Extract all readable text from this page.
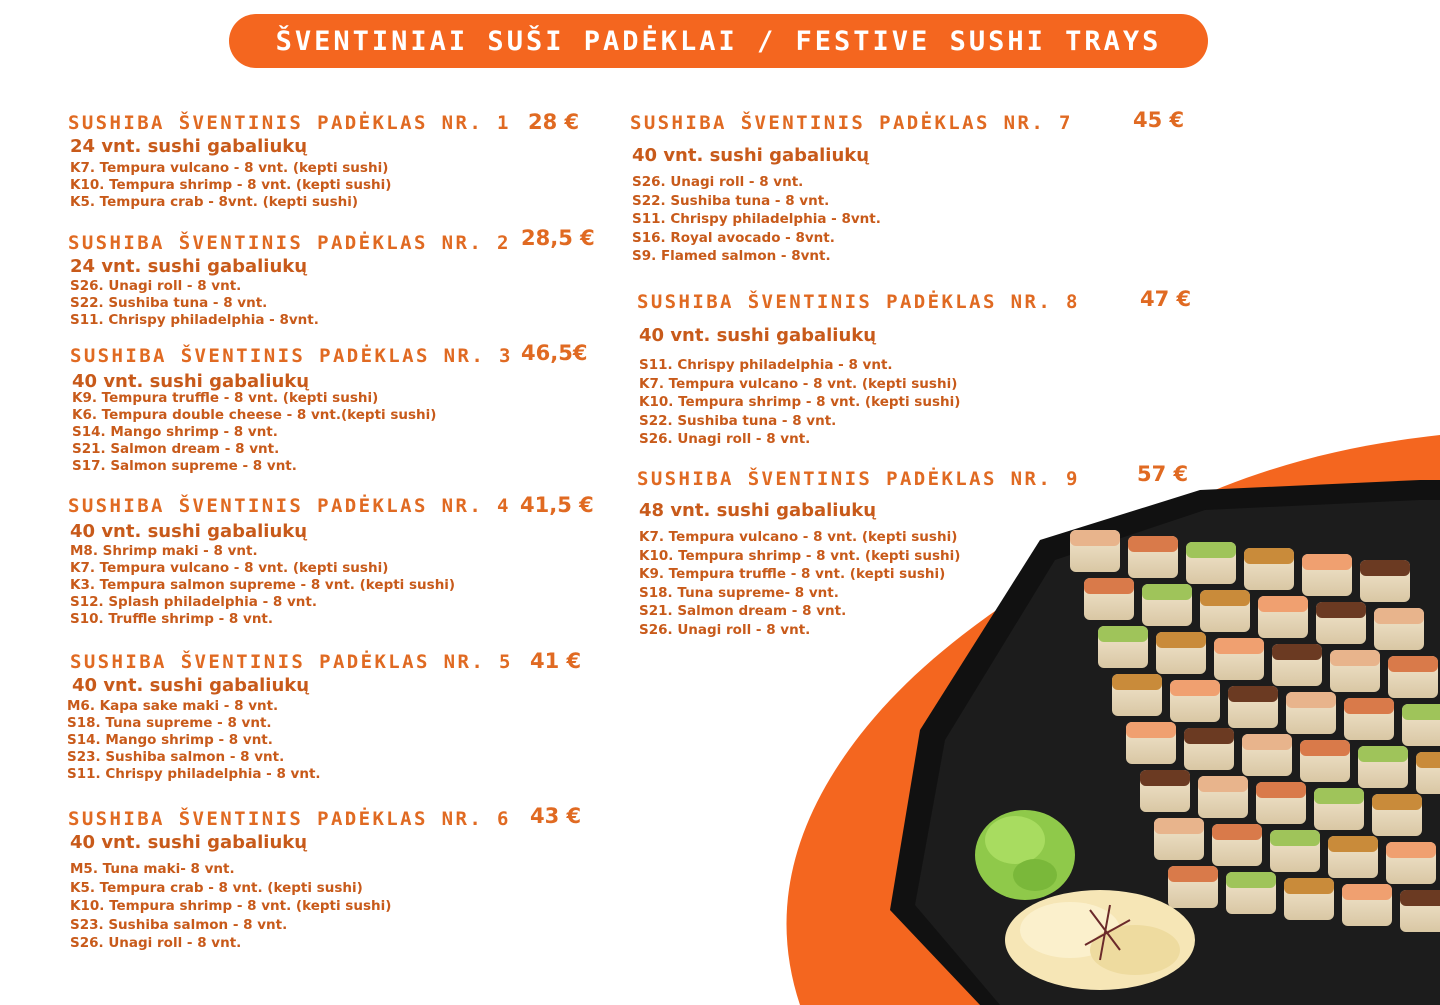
ŠVENTINIAI SUŠI PADĖKLAI / FESTIVE SUSHI TRAYS
SUSHIBA ŠVENTINIS PADĖKLAS NR. 1 28 €
24 vnt. sushi gabaliukų
K7. Tempura vulcano - 8 vnt. (kepti sushi)
K10. Tempura shrimp - 8 vnt. (kepti sushi)
K5. Tempura crab - 8vnt. (kepti sushi)
SUSHIBA ŠVENTINIS PADĖKLAS NR. 2 28,5 €
24 vnt. sushi gabaliukų
S26. Unagi roll - 8 vnt.
S22. Sushiba tuna - 8 vnt.
S11. Chrispy philadelphia - 8vnt.
SUSHIBA ŠVENTINIS PADĖKLAS NR. 3 46,5€
40 vnt. sushi gabaliukų
K9. Tempura truffle - 8 vnt. (kepti sushi)
K6. Tempura double cheese - 8 vnt.(kepti sushi)
S14. Mango shrimp - 8 vnt.
S21. Salmon dream - 8 vnt.
S17. Salmon supreme - 8 vnt.
SUSHIBA ŠVENTINIS PADĖKLAS NR. 4 41,5 €
40 vnt. sushi gabaliukų
M8. Shrimp maki - 8 vnt.
K7. Tempura vulcano - 8 vnt. (kepti sushi)
K3. Tempura salmon supreme - 8 vnt. (kepti sushi)
S12. Splash philadelphia - 8 vnt.
S10. Truffle shrimp - 8 vnt.
SUSHIBA ŠVENTINIS PADĖKLAS NR. 5 41 €
40 vnt. sushi gabaliukų
M6. Kapa sake maki - 8 vnt.
S18. Tuna supreme - 8 vnt.
S14. Mango shrimp - 8 vnt.
S23. Sushiba salmon - 8 vnt.
S11. Chrispy philadelphia - 8 vnt.
SUSHIBA ŠVENTINIS PADĖKLAS NR. 6 43 €
40 vnt. sushi gabaliukų
M5. Tuna maki- 8 vnt.
K5. Tempura crab - 8 vnt. (kepti sushi)
K10. Tempura shrimp - 8 vnt. (kepti sushi)
S23. Sushiba salmon - 8 vnt.
S26. Unagi roll - 8 vnt.
SUSHIBA ŠVENTINIS PADĖKLAS NR. 7	45 €
40 vnt. sushi gabaliukų
S26. Unagi roll - 8 vnt.
S22. Sushiba tuna - 8 vnt.
S11. Chrispy philadelphia - 8vnt.
S16. Royal avocado - 8vnt.
S9. Flamed salmon - 8vnt.
SUSHIBA ŠVENTINIS PADĖKLAS NR. 8	47 €
40 vnt. sushi gabaliukų
S11. Chrispy philadelphia - 8 vnt.
K7. Tempura vulcano - 8 vnt. (kepti sushi)
K10. Tempura shrimp - 8 vnt. (kepti sushi)
S22. Sushiba tuna - 8 vnt.
S26. Unagi roll - 8 vnt.
SUSHIBA ŠVENTINIS PADĖKLAS NR. 9	57 €
48 vnt. sushi gabaliukų
K7. Tempura vulcano - 8 vnt. (kepti sushi)
K10. Tempura shrimp - 8 vnt. (kepti sushi)
K9. Tempura truffle - 8 vnt. (kepti sushi)
S18. Tuna supreme- 8 vnt.
S21. Salmon dream - 8 vnt.
S26. Unagi roll - 8 vnt.
